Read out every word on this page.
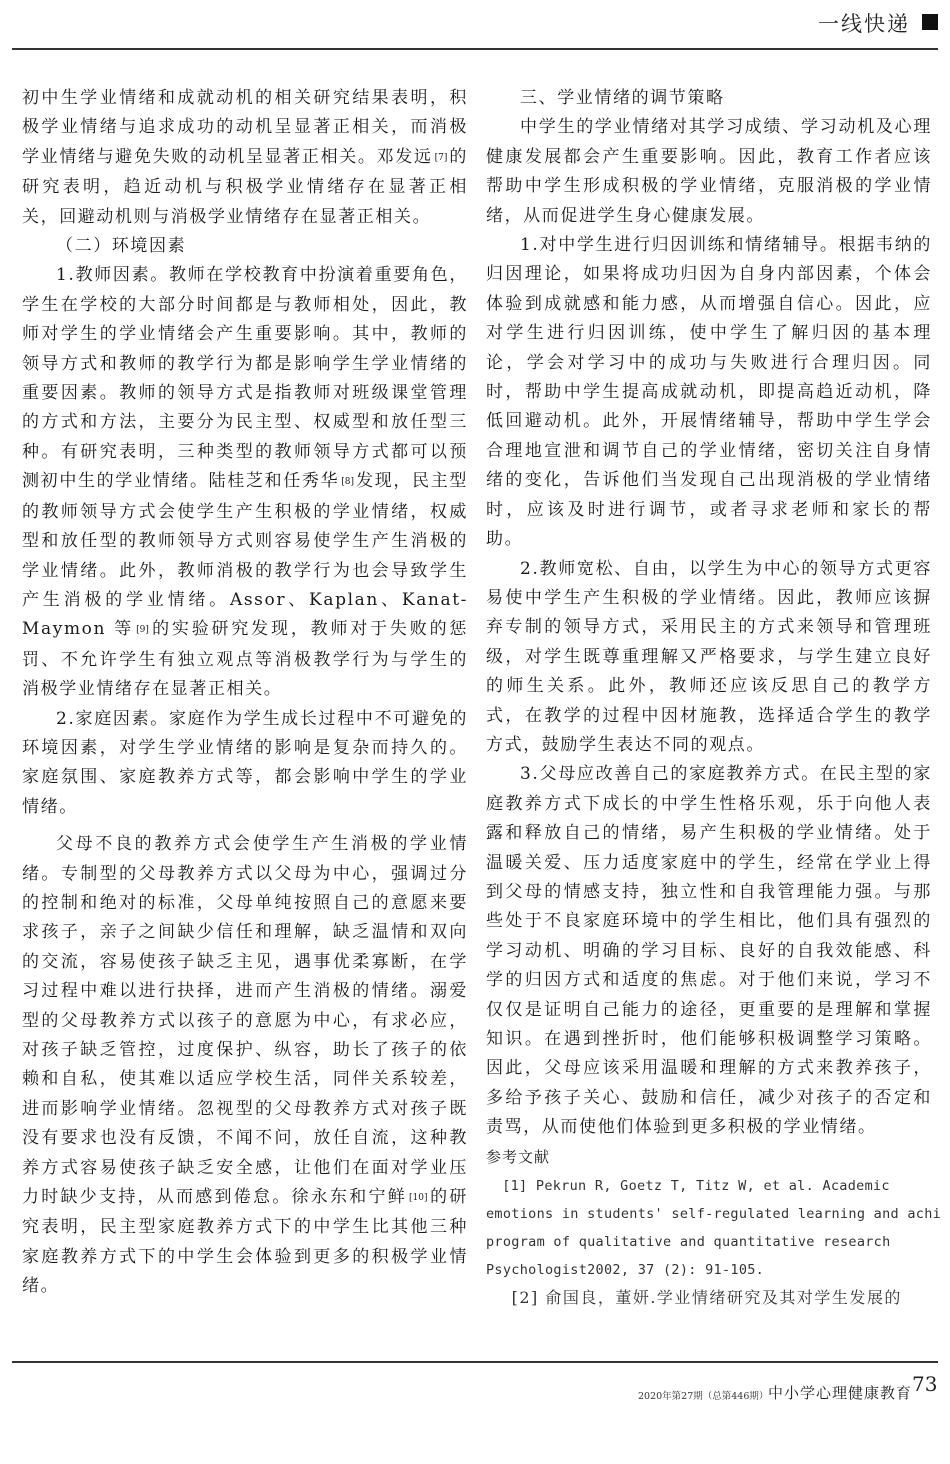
一线快递

初中生学业情绪和成就动机的相关研究结果表明，积极学业情绪与追求成功的动机呈显著正相关，而消极学业情绪与避免失败的动机呈显著正相关。邓发远 [7] 的研究表明，趋近动机与积极学业情绪存在显著正相关，回避动机则与消极学业情绪存在显著正相关。

（二）环境因素

1.教师因素。教师在学校教育中扮演着重要角色，学生在学校的大部分时间都是与教师相处，因此，教师对学生的学业情绪会产生重要影响。其中，教师的领导方式和教师的教学行为都是影响学生学业情绪的重要因素。教师的领导方式是指教师对班级课堂管理的方式和方法，主要分为民主型、权威型和放任型三种。有研究表明，三种类型的教师领导方式都可以预测初中生的学业情绪。陆桂芝和任秀华 [8] 发现，民主型的教师领导方式会使学生产生积极的学业情绪，权威型和放任型的教师领导方式则容易使学生产生消极的学业情绪。此外，教师消极的教学行为也会导致学生产生消极的学业情绪。Assor、Kaplan、Kanat-Maymon 等 [9] 的实验研究发现，教师对于失败的惩罚、不允许学生有独立观点等消极教学行为与学生的消极学业情绪存在显著正相关。

2.家庭因素。家庭作为学生成长过程中不可避免的环境因素，对学生学业情绪的影响是复杂而持久的。家庭氛围、家庭教养方式等，都会影响中学生的学业情绪。

父母不良的教养方式会使学生产生消极的学业情绪。专制型的父母教养方式以父母为中心，强调过分的控制和绝对的标准，父母单纯按照自己的意愿来要求孩子，亲子之间缺少信任和理解，缺乏温情和双向的交流，容易使孩子缺乏主见，遇事优柔寡断，在学习过程中难以进行抉择，进而产生消极的情绪。溺爱型的父母教养方式以孩子的意愿为中心，有求必应，对孩子缺乏管控，过度保护、纵容，助长了孩子的依赖和自私，使其难以适应学校生活，同伴关系较差，进而影响学业情绪。忽视型的父母教养方式对孩子既没有要求也没有反馈，不闻不问，放任自流，这种教养方式容易使孩子缺乏安全感，让他们在面对学业压力时缺少支持，从而感到倦怠。徐永东和宁鲜 [10] 的研究表明，民主型家庭教养方式下的中学生比其他三种家庭教养方式下的中学生会体验到更多的积极学业情绪。

三、学业情绪的调节策略

中学生的学业情绪对其学习成绩、学习动机及心理健康发展都会产生重要影响。因此，教育工作者应该帮助中学生形成积极的学业情绪，克服消极的学业情绪，从而促进学生身心健康发展。

1.对中学生进行归因训练和情绪辅导。根据韦纳的归因理论，如果将成功归因为自身内部因素，个体会体验到成就感和能力感，从而增强自信心。因此，应对学生进行归因训练，使中学生了解归因的基本理论，学会对学习中的成功与失败进行合理归因。同时，帮助中学生提高成就动机，即提高趋近动机，降低回避动机。此外，开展情绪辅导，帮助中学生学会合理地宣泄和调节自己的学业情绪，密切关注自身情绪的变化，告诉他们当发现自己出现消极的学业情绪时，应该及时进行调节，或者寻求老师和家长的帮助。

2.教师宽松、自由，以学生为中心的领导方式更容易使中学生产生积极的学业情绪。因此，教师应该摒弃专制的领导方式，采用民主的方式来领导和管理班级，对学生既尊重理解又严格要求，与学生建立良好的师生关系。此外，教师还应该反思自己的教学方式，在教学的过程中因材施教，选择适合学生的教学方式，鼓励学生表达不同的观点。

3.父母应改善自己的家庭教养方式。在民主型的家庭教养方式下成长的中学生性格乐观，乐于向他人表露和释放自己的情绪，易产生积极的学业情绪。处于温暖关爱、压力适度家庭中的学生，经常在学业上得到父母的情感支持，独立性和自我管理能力强。与那些处于不良家庭环境中的学生相比，他们具有强烈的学习动机、明确的学习目标、良好的自我效能感、科学的归因方式和适度的焦虑。对于他们来说，学习不仅仅是证明自己能力的途径，更重要的是理解和掌握知识。在遇到挫折时，他们能够积极调整学习策略。因此，父母应该采用温暖和理解的方式来教养孩子，多给予孩子关心、鼓励和信任，减少对孩子的否定和责骂，从而使他们体验到更多积极的学业情绪。

参考文献

[1] Pekrun R, Goetz T, Titz W, et al. Academic

emotions in students' self-regulated learning and achi

program of qualitative and quantitative research

Psychologist2002, 37 (2): 91-105.

[2] 俞国良，董妍.学业情绪研究及其对学生发展的

2020年第27期（总第446期） 中小学心理健康教育 73
